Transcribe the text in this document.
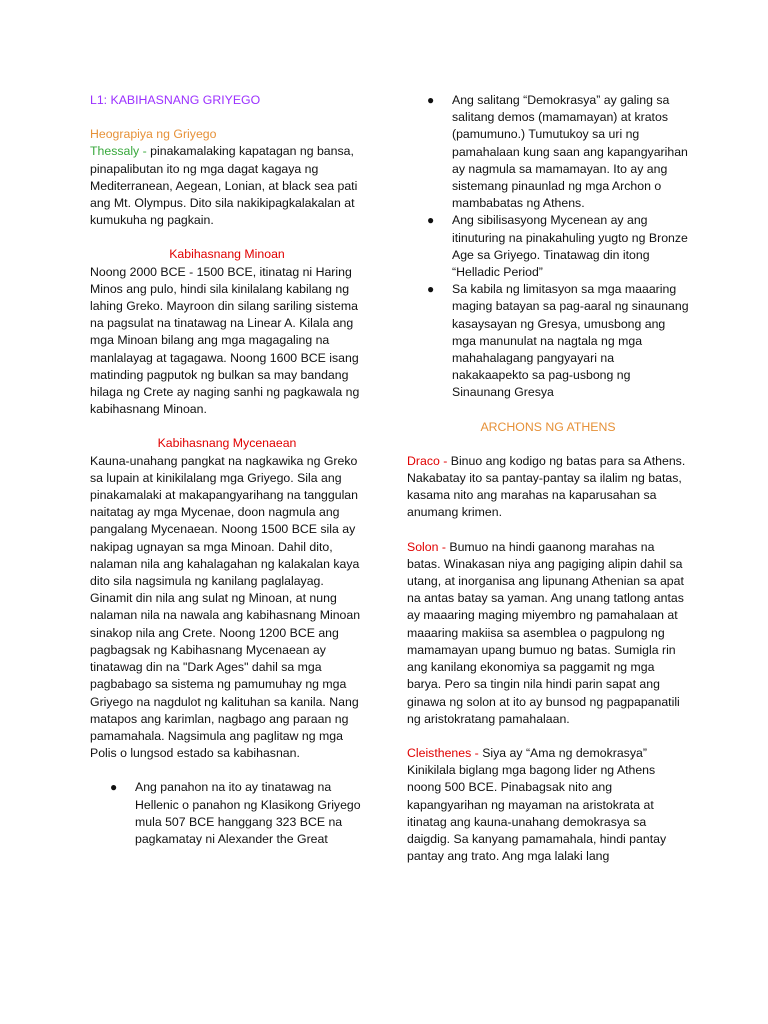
L1: KABIHASNANG GRIYEGO

Heograpiya ng Griyego

Thessaly - pinakamalaking kapatagan ng bansa, pinapalibutan ito ng mga dagat kagaya ng Mediterranean, Aegean, Lonian, at black sea pati ang Mt. Olympus. Dito sila nakikipagkalakalan at kumukuha ng pagkain.

Kabihasnang Minoan

Noong 2000 BCE - 1500 BCE, itinatag ni Haring Minos ang pulo, hindi sila kinilalang kabilang ng lahing Greko. Mayroon din silang sariling sistema na pagsulat na tinatawag na Linear A. Kilala ang mga Minoan bilang ang mga magagaling na manlalayag at tagagawa. Noong 1600 BCE isang matinding pagputok ng bulkan sa may bandang hilaga ng Crete ay naging sanhi ng pagkawala ng kabihasnang Minoan.

Kabihasnang Mycenaean

Kauna-unahang pangkat na nagkawika ng Greko sa lupain at kinikilalang mga Griyego. Sila ang pinakamalaki at makapangyarihang na tanggulan naitatag ay mga Mycenae, doon nagmula ang pangalang Mycenaean. Noong 1500 BCE sila ay nakipag ugnayan sa mga Minoan. Dahil dito, nalaman nila ang kahalagahan ng kalakalan kaya dito sila nagsimula ng kanilang paglalayag. Ginamit din nila ang sulat ng Minoan, at nung nalaman nila na nawala ang kabihasnang Minoan sinakop nila ang Crete. Noong 1200 BCE ang pagbagsak ng Kabihasnang Mycenaean ay tinatawag din na "Dark Ages" dahil sa mga pagbabago sa sistema ng pamumuhay ng mga Griyego na nagdulot ng kalituhan sa kanila. Nang matapos ang karimlan, nagbago ang paraan ng pamamahala. Nagsimula ang paglitaw ng mga Polis o lungsod estado sa kabihasnan.

● Ang panahon na ito ay tinatawag na Hellenic o panahon ng Klasikong Griyego mula 507 BCE hanggang 323 BCE na pagkamatay ni Alexander the Great
● Ang salitang “Demokrasya” ay galing sa salitang demos (mamamayan) at kratos (pamumuno.) Tumutukoy sa uri ng pamahalaan kung saan ang kapangyarihan ay nagmula sa mamamayan. Ito ay ang sistemang pinaunlad ng mga Archon o mambabatas ng Athens.
● Ang sibilisasyong Mycenean ay ang itinuturing na pinakahuling yugto ng Bronze Age sa Griyego. Tinatawag din itong “Helladic Period”
● Sa kabila ng limitasyon sa mga maaaring maging batayan sa pag-aaral ng sinaunang kasaysayan ng Gresya, umusbong ang mga manunulat na nagtala ng mga mahahalagang pangyayari na nakakaapekto sa pag-usbong ng Sinaunang Gresya

ARCHONS NG ATHENS

Draco - Binuo ang kodigo ng batas para sa Athens. Nakabatay ito sa pantay-pantay sa ilalim ng batas, kasama nito ang marahas na kaparusahan sa anumang krimen.

Solon - Bumuo na hindi gaanong marahas na batas. Winakasan niya ang pagiging alipin dahil sa utang, at inorganisa ang lipunang Athenian sa apat na antas batay sa yaman. Ang unang tatlong antas ay maaaring maging miyembro ng pamahalaan at maaaring makiisa sa asemblea o pagpulong ng mamamayan upang bumuo ng batas. Sumigla rin ang kanilang ekonomiya sa paggamit ng mga barya. Pero sa tingin nila hindi parin sapat ang ginawa ng solon at ito ay bunsod ng pagpapanatili ng aristokratang pamahalaan.

Cleisthenes - Siya ay “Ama ng demokrasya” Kinikilala biglang mga bagong lider ng Athens noong 500 BCE. Pinabagsak nito ang kapangyarihan ng mayaman na aristokrata at itinatag ang kauna-unahang demokrasya sa daigdig. Sa kanyang pamamahala, hindi pantay pantay ang trato. Ang mga lalaki lang
